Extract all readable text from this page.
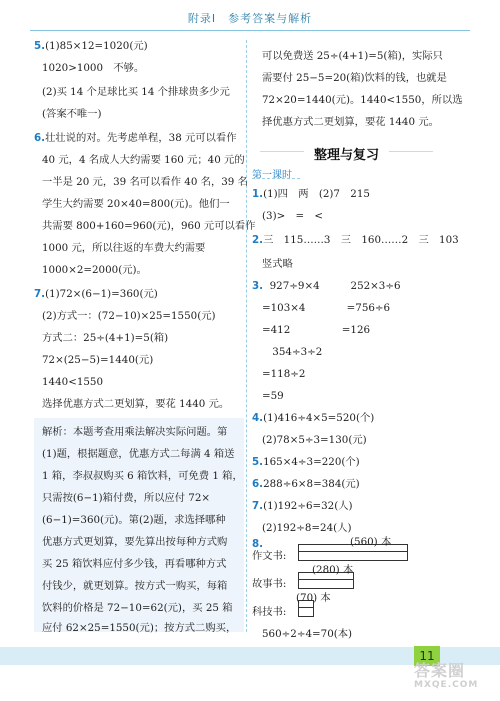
附录Ⅰ　参考答案与解析
5.(1)85×12=1020(元)
1020>1000　不够。
(2)买 14 个足球比买 14 个排球贵多少元
(答案不唯一)
6.壮壮说的对。先考虑单程，38 元可以看作
40 元，4 名成人大约需要 160 元；40 元的
一半是 20 元，39 名可以看作 40 名，39 名
学生大约需要 20×40=800(元)。他们一
共需要 800+160=960(元)，960 元可以看作
1000 元，所以往返的车费大约需要
1000×2=2000(元)。
7.(1)72×(6−1)=360(元)
(2)方式一：(72−10)×25=1550(元)
方式二：25÷(4+1)=5(箱)
72×(25−5)=1440(元)
1440<1550
选择优惠方式二更划算，要花 1440 元。
解析：本题考查用乘法解决实际问题。第
(1)题，根据题意，优惠方式二每满 4 箱送
1 箱，李叔叔购买 6 箱饮料，可免费 1 箱，
只需按(6−1)箱付费，所以应付 72×
(6−1)=360(元)。第(2)题，求选择哪种
优惠方式更划算，要先算出按每种方式购
买 25 箱饮料应付多少钱，再看哪种方式
付钱少，就更划算。按方式一购买，每箱
饮料的价格是 72−10=62(元)，买 25 箱
应付 62×25=1550(元)；按方式二购买，
可以免费送 25÷(4+1)=5(箱)，实际只
需要付 25−5=20(箱)饮料的钱，也就是
72×20=1440(元)。1440<1550，所以选
择优惠方式二更划算，要花 1440 元。
整理与复习
第一课时
1.(1)四　两　(2)7　215
(3)>　=　<
2.三　115……3　三　160……2　三　103
竖式略
3. 927÷9×4　　　252×3÷6
=103×4　　　　=756÷6
=412　　　　　=126
　354÷3÷2
=118÷2
=59
4.(1)416÷4×5=520(个)
(2)78×5÷3=130(元)
5.165×4÷3=220(个)
6.288÷6×8=384(元)
7.(1)192÷6=32(人)
(2)192÷8=24(人)
8.	(560) 本
作文书:
(280) 本
故事书:
(70) 本
科技书:
560÷2÷4=70(本)
11
答案圈
MXQE.COM
